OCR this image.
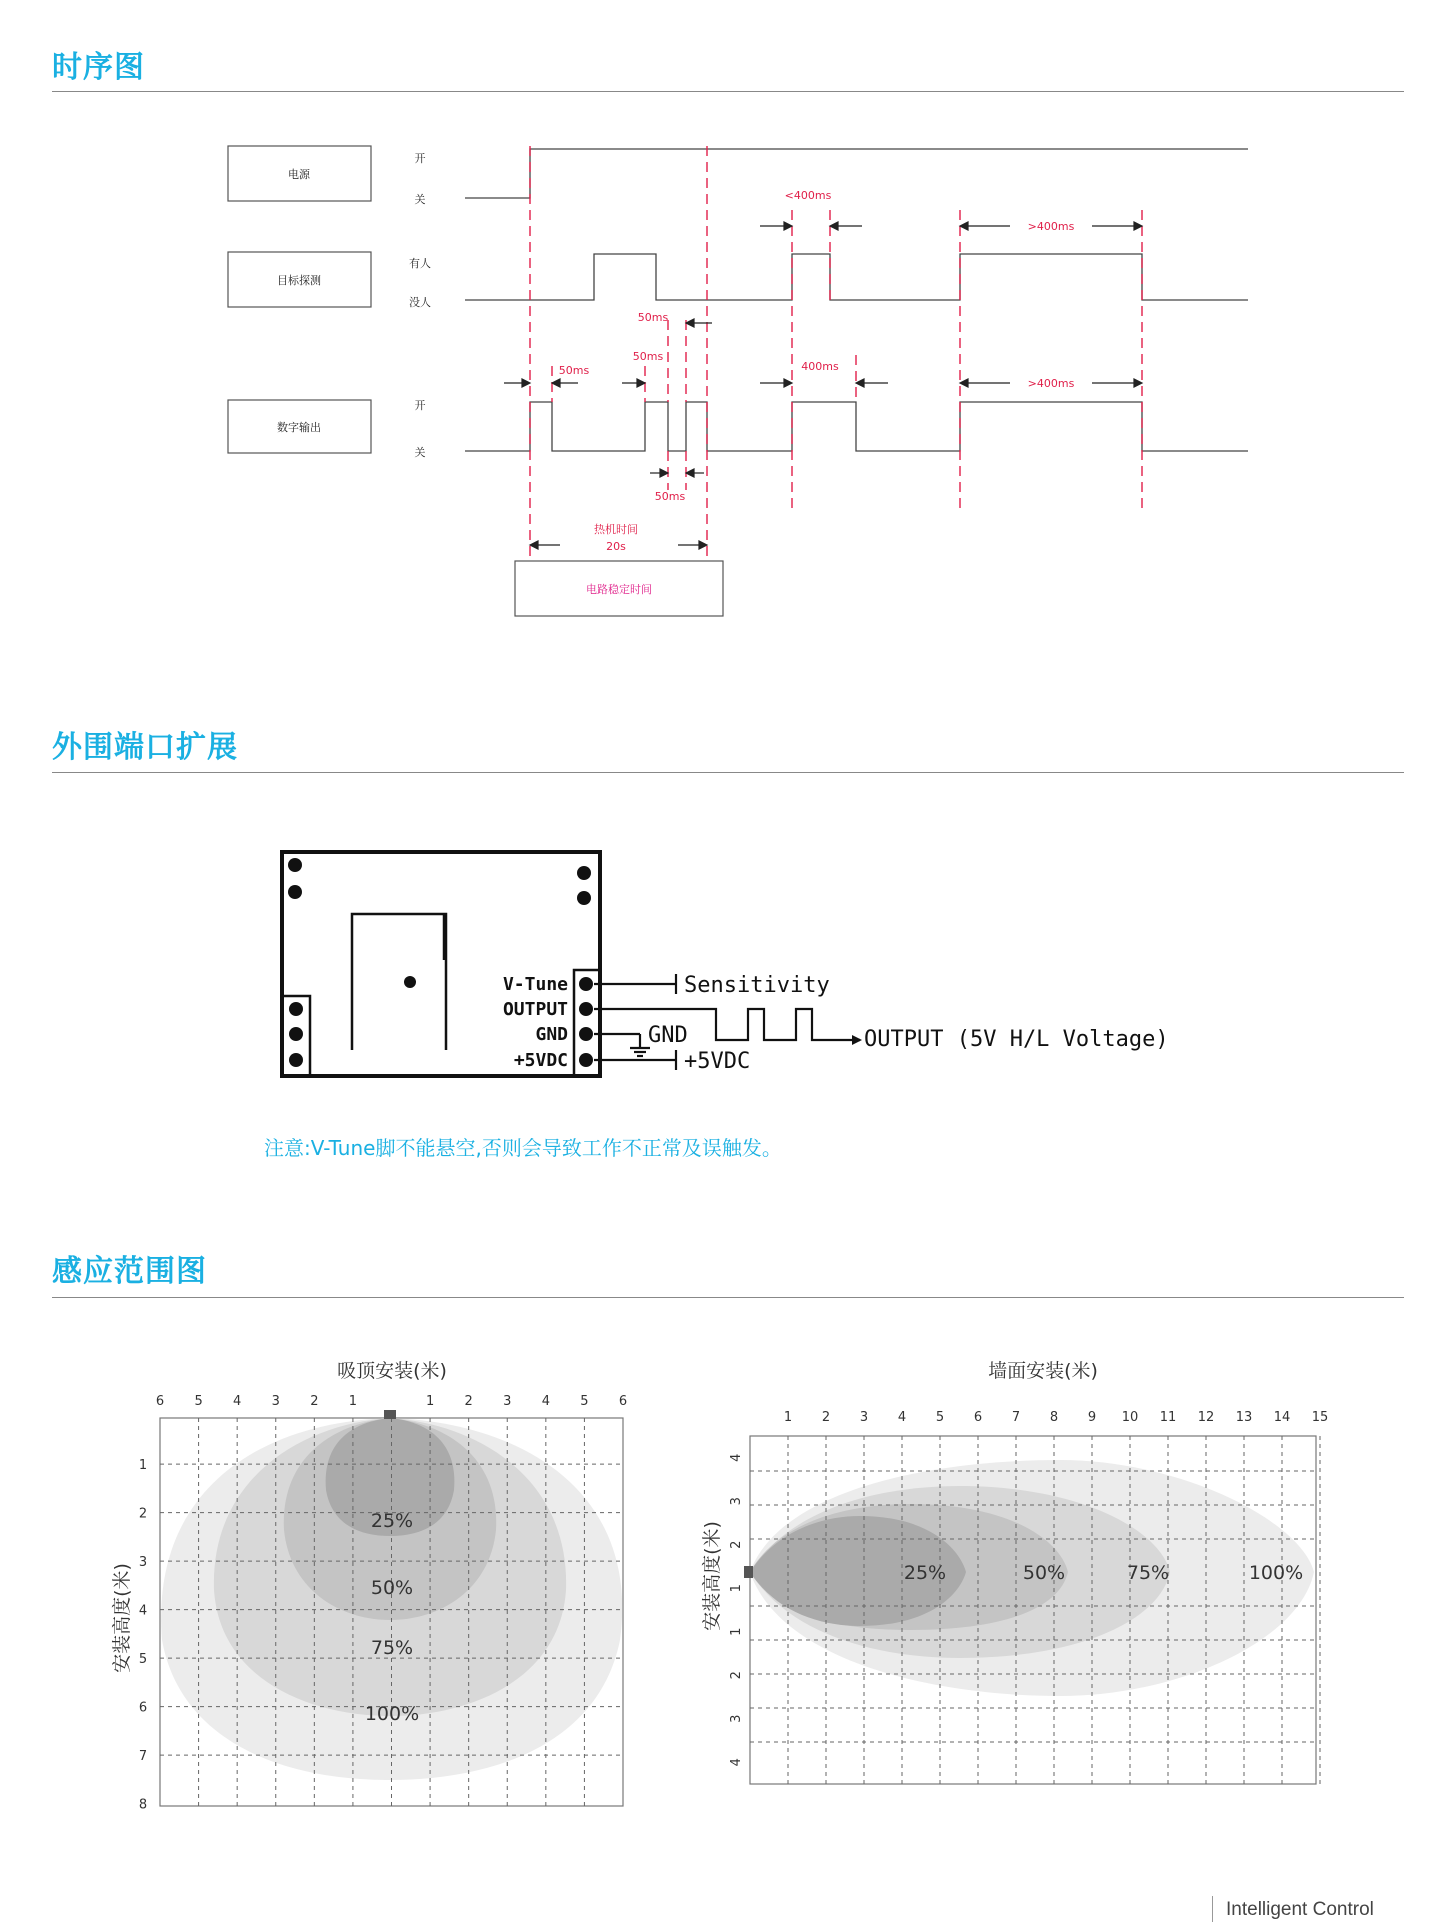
时序图
电源
目标探测
数字输出
开
关
有人
没人
开
关
<400ms
>400ms
50ms
50ms
50ms
400ms
>400ms
50ms
热机时间
20s
电路稳定时间
外围端口扩展
V-Tune
OUTPUT
GND
+5VDC
Sensitivity
GND
+5VDC
OUTPUT (5V H/L Voltage)
注意:V-Tune脚不能悬空,否则会导致工作不正常及误触发。
感应范围图
吸顶安装(米)
6 5 4 3 2 1	1 2 3 4 5 6
1
2
3
4
5
6
7
8
25%
50%
75%
100%
安装高度(米)
墙面安装(米)
1 2 3 4 5 6 7 8 9 10 11 12 13 14 15
4
3
2
1
1
2
3
4
25%	50%	75%	100%
安装高度(米)
Intelligent Control
